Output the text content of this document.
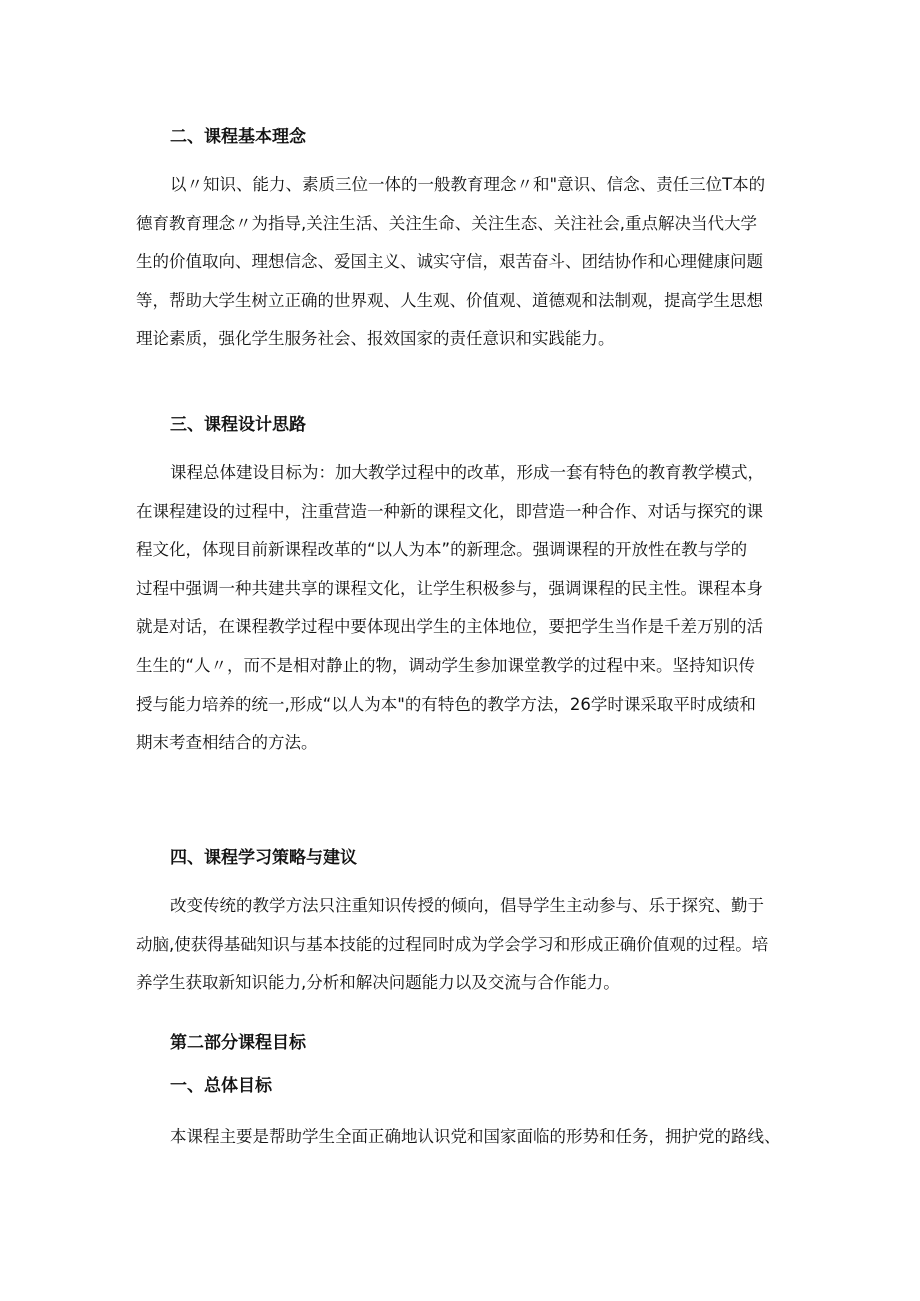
二、课程基本理念
以〃知识、能力、素质三位一体的一般教育理念〃和"意识、信念、责任三位T本的
德育教育理念〃为指导,关注生活、关注生命、关注生态、关注社会,重点解决当代大学
生的价值取向、理想信念、爱国主义、诚实守信，艰苦奋斗、团结协作和心理健康问题
等，帮助大学生树立正确的世界观、人生观、价值观、道德观和法制观，提高学生思想
理论素质，强化学生服务社会、报效国家的责任意识和实践能力。
三、课程设计思路
课程总体建设目标为：加大教学过程中的改革，形成一套有特色的教育教学模式，
在课程建设的过程中，注重营造一种新的课程文化，即营造一种合作、对话与探究的课
程文化，体现目前新课程改革的“以人为本”的新理念。强调课程的开放性在教与学的
过程中强调一种共建共享的课程文化，让学生积极参与，强调课程的民主性。课程本身
就是对话，在课程教学过程中要体现出学生的主体地位，要把学生当作是千差万别的活
生生的“人〃，而不是相对静止的物，调动学生参加课堂教学的过程中来。坚持知识传
授与能力培养的统一,形成“以人为本"的有特色的教学方法，26学时课采取平时成绩和
期末考查相结合的方法。
四、课程学习策略与建议
改变传统的教学方法只注重知识传授的倾向，倡导学生主动参与、乐于探究、勤于
动脑,使获得基础知识与基本技能的过程同时成为学会学习和形成正确价值观的过程。培
养学生获取新知识能力,分析和解决问题能力以及交流与合作能力。
第二部分课程目标
一、总体目标
本课程主要是帮助学生全面正确地认识党和国家面临的形势和任务，拥护党的路线、
